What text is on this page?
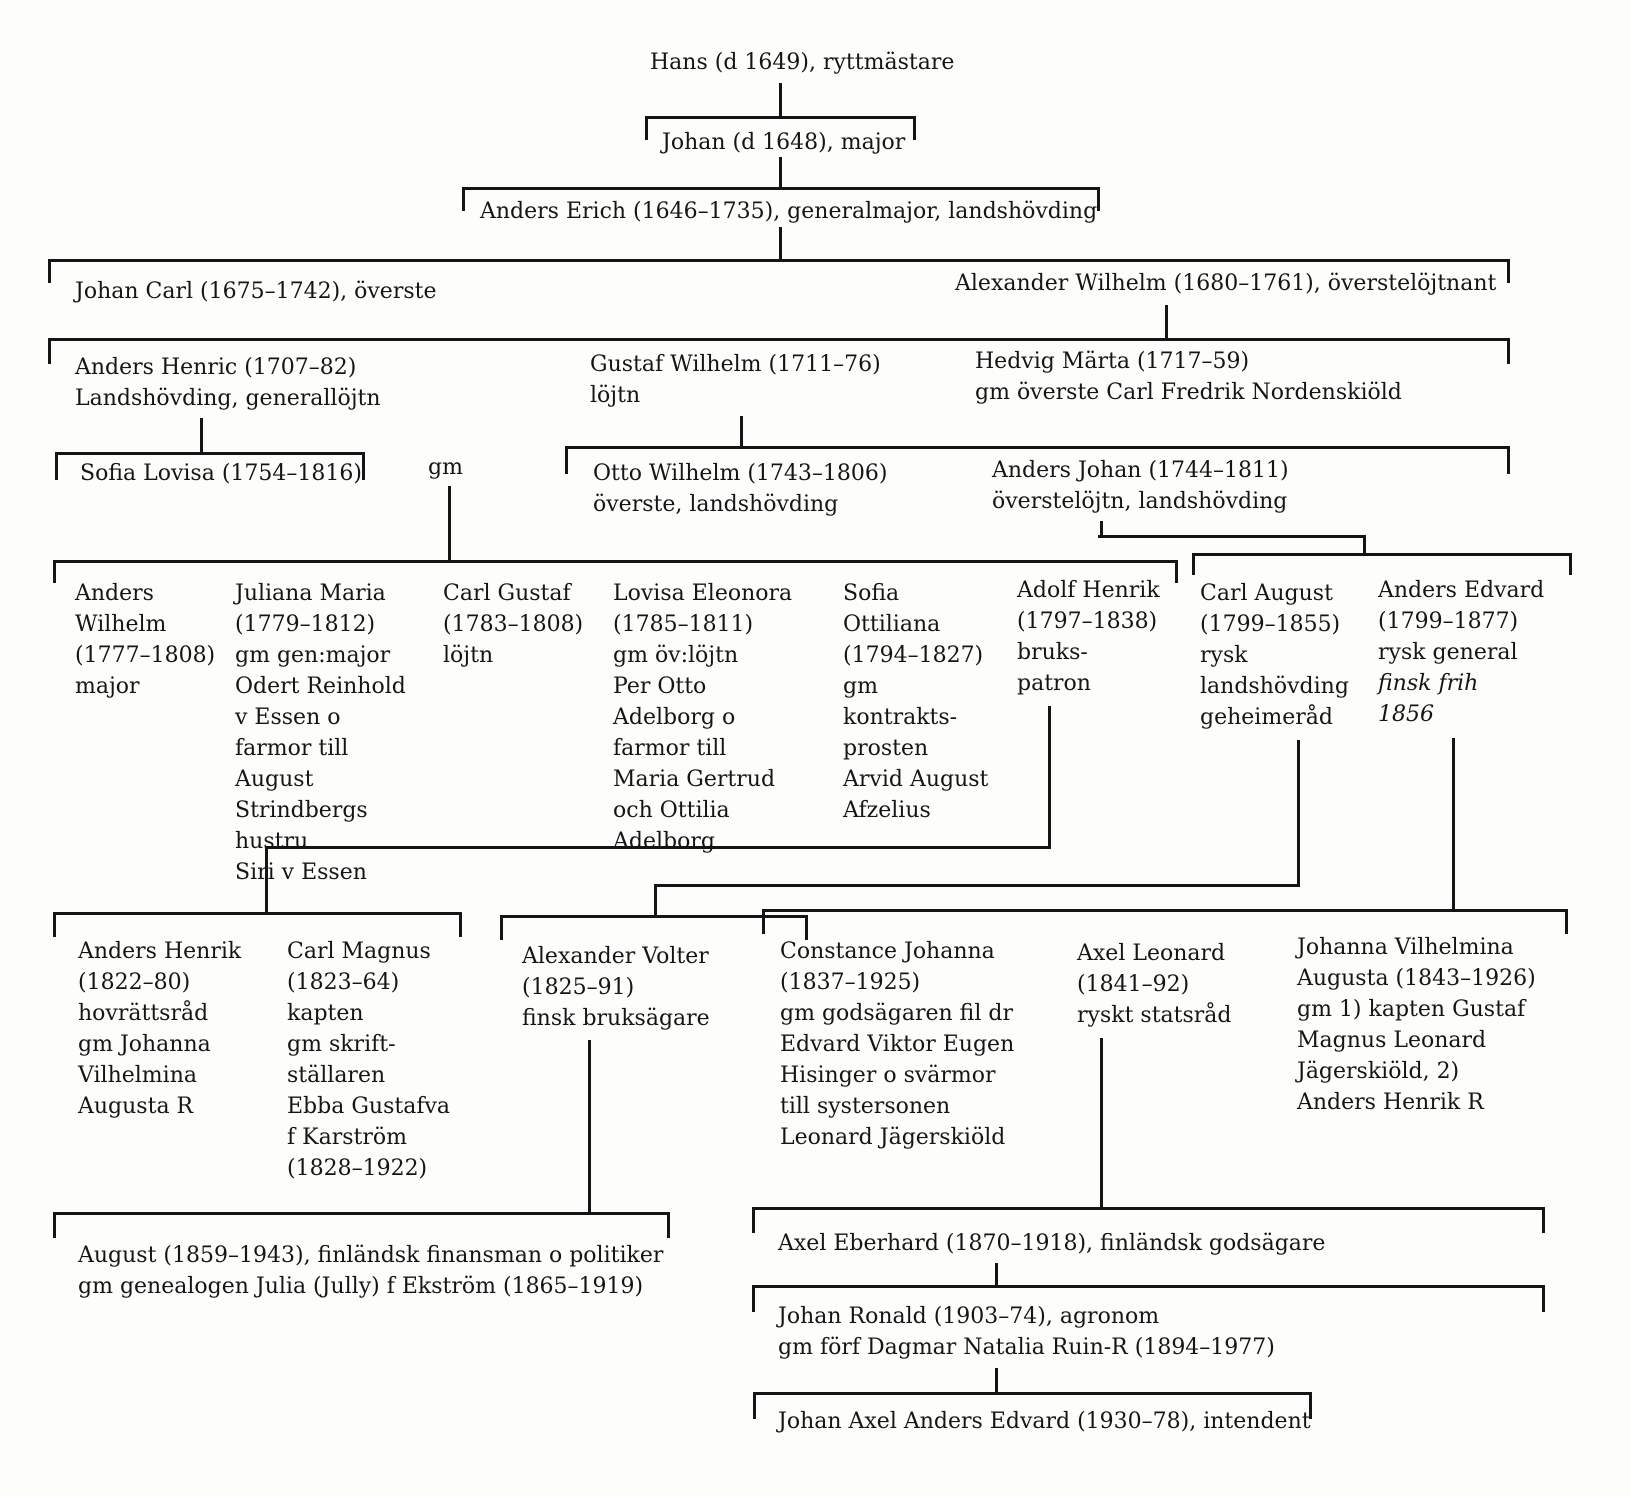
Hans (d 1649), ryttmästare
Johan (d 1648), major
Anders Erich (1646–1735), generalmajor, landshövding
Johan Carl (1675–1742), överste	Alexander Wilhelm (1680–1761), överstelöjtnant
Anders Henric (1707–82)
Landshövding, generallöjtn
Gustaf Wilhelm (1711–76)
löjtn
Hedvig Märta (1717–59)
gm överste Carl Fredrik Nordenskiöld
Sofia Lovisa (1754–1816)	gm	Otto Wilhelm (1743–1806)
överste, landshövding
Anders Johan (1744–1811)
överstelöjtn, landshövding
Anders
Wilhelm
(1777–1808)
major
Juliana Maria
(1779–1812)
gm gen:major
Odert Reinhold
v Essen o
farmor till
August
Strindbergs
hustru
Siri v Essen
Carl Gustaf
(1783–1808)
löjtn
Lovisa Eleonora
(1785–1811)
gm öv:löjtn
Per Otto
Adelborg o
farmor till
Maria Gertrud
och Ottilia
Adelborg
Sofia
Ottiliana
(1794–1827)
gm
kontrakts-
prosten
Arvid August
Afzelius
Adolf Henrik
(1797–1838)
bruks-
patron
Carl August
(1799–1855)
rysk
landshövding
geheimeråd
Anders Edvard
(1799–1877)
rysk general
finsk frih
1856
Anders Henrik
(1822–80)
hovrättsråd
gm Johanna
Vilhelmina
Augusta R
Carl Magnus
(1823–64)
kapten
gm skrift-
ställaren
Ebba Gustafva
f Karström
(1828–1922)
Alexander Volter
(1825–91)
finsk bruksägare
Constance Johanna
(1837–1925)
gm godsägaren fil dr
Edvard Viktor Eugen
Hisinger o svärmor
till systersonen
Leonard Jägerskiöld
Axel Leonard
(1841–92)
ryskt statsråd
Johanna Vilhelmina
Augusta (1843–1926)
gm 1) kapten Gustaf
Magnus Leonard
Jägerskiöld, 2)
Anders Henrik R
August (1859–1943), finländsk finansman o politiker
gm genealogen Julia (Jully) f Ekström (1865–1919)
Axel Eberhard (1870–1918), finländsk godsägare
Johan Ronald (1903–74), agronom
gm förf Dagmar Natalia Ruin-R (1894–1977)
Johan Axel Anders Edvard (1930–78), intendent
